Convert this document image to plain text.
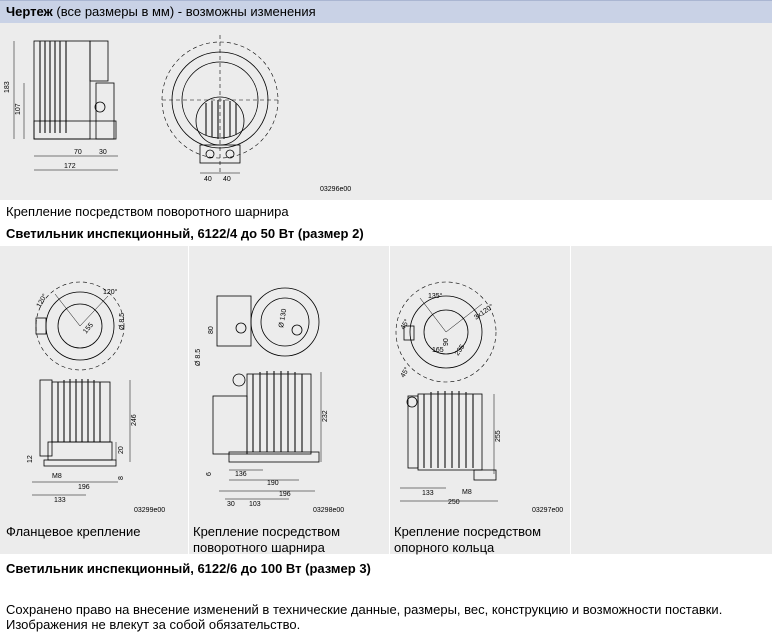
Чертеж (все размеры в мм) - возможны изменения
183
107
70 30
172
40 40
03296e00
Крепление посредством поворотного шарнира
Светильник инспекционный, 6122/4 до 50 Вт (размер 2)
120°
120°
155	Ø 8.5
246
20
12
M8	8
196
133
03299e00
80
Ø 130
Ø 8.5
232
6	136
190
196
30 103
03298e00
135°
3x120°
45°
45°
165 235
90
255
133	M8
250
03297e00
Фланцевое крепление	Крепление посредством поворотного шарнира
Крепление посредством опорного кольца
Светильник инспекционный, 6122/6 до 100 Вт (размер 3)
Сохранено право на внесение изменений в технические данные, размеры, вес, конструкцию и возможности поставки.
Изображения не влекут за собой обязательство.
